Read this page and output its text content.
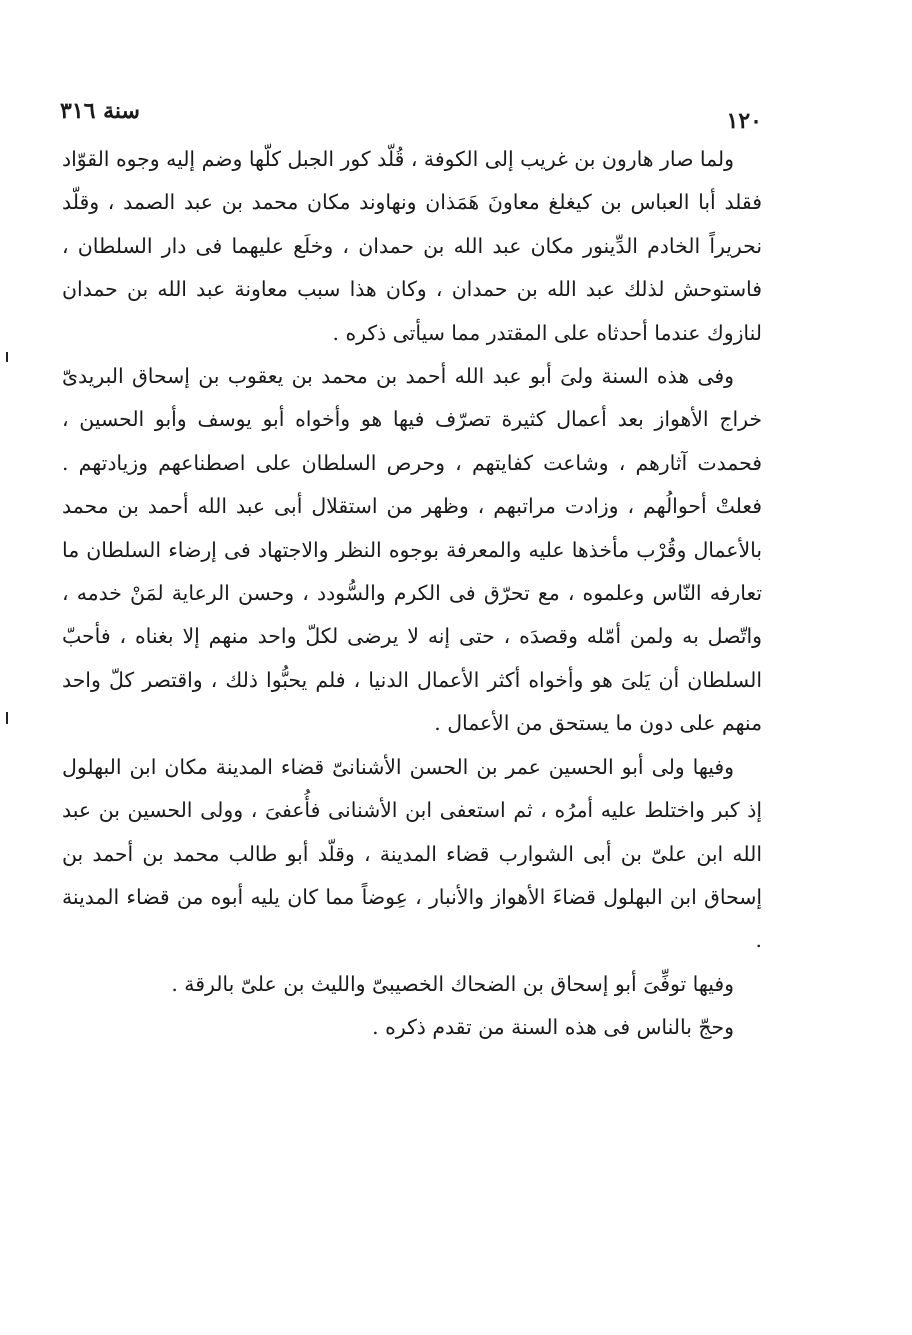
سنة ٣١٦	١٢٠

ولما صار هارون بن غريب إلى الكوفة ، قُلّد كور الجبل كلّها وضم إليه وجوه القوّاد فقلد أبا العباس بن كيغلغ معاونَ هَمَذان ونهاوند مكان محمد بن عبد الصمد ، وقلّد نحريراً الخادم الدِّينور مكان عبد الله بن حمدان ، وخلَع عليهما فى دار السلطان ، فاستوحش لذلك عبد الله بن حمدان ، وكان هذا سبب معاونة عبد الله بن حمدان لنازوك عندما أحدثاه على المقتدر مما سيأتى ذكره .

وفى هذه السنة ولىَ أبو عبد الله أحمد بن محمد بن يعقوب بن إسحاق البريدىّ خراج الأهواز بعد أعمال كثيرة تصرّف فيها هو وأخواه أبو يوسف وأبو الحسين ، فحمدت آثارهم ، وشاعت كفايتهم ، وحرص السلطان على اصطناعهم وزيادتهم . فعلتْ أحوالُهم ، وزادت مراتبهم ، وظهر من استقلال أبى عبد الله أحمد بن محمد بالأعمال وقُرْب مأخذها عليه والمعرفة بوجوه النظر والاجتهاد فى إرضاء السلطان ما تعارفه النّاس وعلموه ، مع تحرّق فى الكرم والسُّودد ، وحسن الرعاية لمَنْ خدمه ، واتّصل به ولمن أمّله وقصدَه ، حتى إنه لا يرضى لكلّ واحد منهم إلا بغناه ، فأحبّ السلطان أن يَلىَ هو وأخواه أكثر الأعمال الدنيا ، فلم يحبُّوا ذلك ، واقتصر كلّ واحد منهم على دون ما يستحق من الأعمال .

وفيها ولى أبو الحسين عمر بن الحسن الأشنانىّ قضاء المدينة مكان ابن البهلول إذ كبر واختلط عليه أمرُه ، ثم استعفى ابن الأشنانى فأُعفىَ ، وولى الحسين بن عبد الله ابن علىّ بن أبى الشوارب قضاء المدينة ، وقلّد أبو طالب محمد بن أحمد بن إسحاق ابن البهلول قضاءَ الأهواز والأنبار ، عِوضاً مما كان يليه أبوه من قضاء المدينة .

وفيها توفِّىَ أبو إسحاق بن الضحاك الخصيبىّ والليث بن علىّ بالرقة .

وحجّ بالناس فى هذه السنة من تقدم ذكره .
